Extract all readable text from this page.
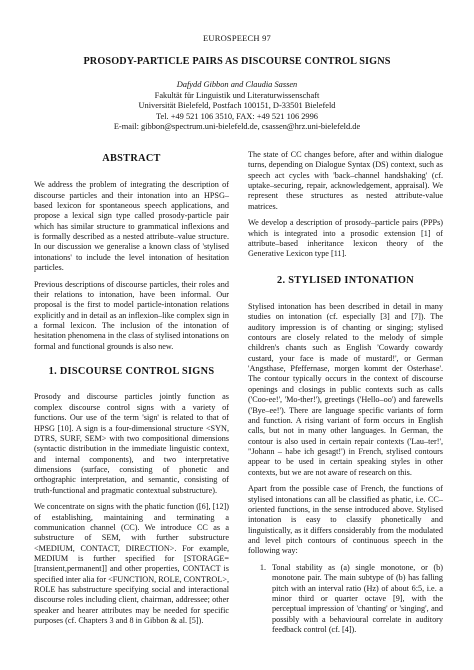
EUROSPEECH 97
PROSODY-PARTICLE PAIRS AS DISCOURSE CONTROL SIGNS
Dafydd Gibbon and Claudia Sassen
Fakultät für Linguistik und Literaturwissenschaft
Universität Bielefeld, Postfach 100151, D-33501 Bielefeld
Tel. +49 521 106 3510, FAX: +49 521 106 2996
E-mail: gibbon@spectrum.uni-bielefeld.de, csassen@hrz.uni-bielefeld.de
ABSTRACT

We address the problem of integrating the description of discourse particles and their intonation into an HPSG–based lexicon for spontaneous speech applications, and propose a lexical sign type called prosody-particle pair which has similar structure to grammatical inflexions and is formally described as a nested attribute–value structure. In our discussion we generalise a known class of 'stylised intonations' to include the level intonation of hesitation particles.

Previous descriptions of discourse particles, their roles and their relations to intonation, have been informal. Our proposal is the first to model particle-intonation relations explicitly and in detail as an inflexion–like complex sign in a formal lexicon. The inclusion of the intonation of hesitation phenomena in the class of stylised intonations on formal and functional grounds is also new.

1. DISCOURSE CONTROL SIGNS

Prosody and discourse particles jointly function as complex discourse control signs with a variety of functions. Our use of the term 'sign' is related to that of HPSG [10]. A sign is a four-dimensional structure <SYN, DTRS, SURF, SEM> with two compositional dimensions (syntactic distribution in the immediate linguistic context, and internal components), and two interpretative dimensions (surface, consisting of phonetic and orthographic interpretation, and semantic, consisting of truth-functional and pragmatic contextual substructure).

We concentrate on signs with the phatic function ([6], [12]) of establishing, maintaining and terminating a communication channel (CC). We introduce CC as a substructure of SEM, with further substructure <MEDIUM, CONTACT, DIRECTION>. For example, MEDIUM is further specified for [STORAGE=[transient,permanent]] and other properties, CONTACT is specified inter alia for <FUNCTION, ROLE, CONTROL>, ROLE has substructure specifying social and interactional discourse roles including client, chairman, addressee; other speaker and hearer attributes may be needed for specific purposes (cf. Chapters 3 and 8 in Gibbon & al. [5]).

The state of CC changes before, after and within dialogue turns, depending on Dialogue Syntax (DS) context, such as speech act cycles with 'back–channel handshaking' (cf. uptake–securing, repair, acknowledgement, appraisal). We represent these structures as nested attribute-value matrices.

We develop a description of prosody–particle pairs (PPPs) which is integrated into a prosodic extension [1] of attribute–based inheritance lexicon theory of the Generative Lexicon type [11].

2. STYLISED INTONATION

Stylised intonation has been described in detail in many studies on intonation (cf. especially [3] and [7]). The auditory impression is of chanting or singing; stylised contours are closely related to the melody of simple children's chants such as English 'Cowardy cowardy custard, your face is made of mustard!', or German 'Angsthase, Pfeffernase, morgen kommt der Osterhase'. The contour typically occurs in the context of discourse openings and closings in public contexts such as calls ('Coo-ee!', 'Mo-ther!'), greetings ('Hello–oo') and farewells ('Bye–ee!'). There are language specific variants of form and function. A rising variant of form occurs in English calls, but not in many other languages. In German, the contour is also used in certain repair contexts ('Lau–ter!', "Johann – habe ich gesagt!') in French, stylised contours appear to be used in certain speaking styles in other contexts, but we are not aware of research on this.

Apart from the possible case of French, the functions of stylised intonations can all be classified as phatic, i.e. CC–oriented functions, in the sense introduced above. Stylised intonation is easy to classify phonetically and linguistically, as it differs considerably from the modulated and level pitch contours of continuous speech in the following way:

1. Tonal stability as (a) single monotone, or (b) monotone pair. The main subtype of (b) has falling pitch with an interval ratio (Hz) of about 6:5, i.e. a minor third or quarter octave [9], with the perceptual impression of 'chanting' or 'singing', and possibly with a behavioural correlate in auditory feedback control (cf. [4]).
